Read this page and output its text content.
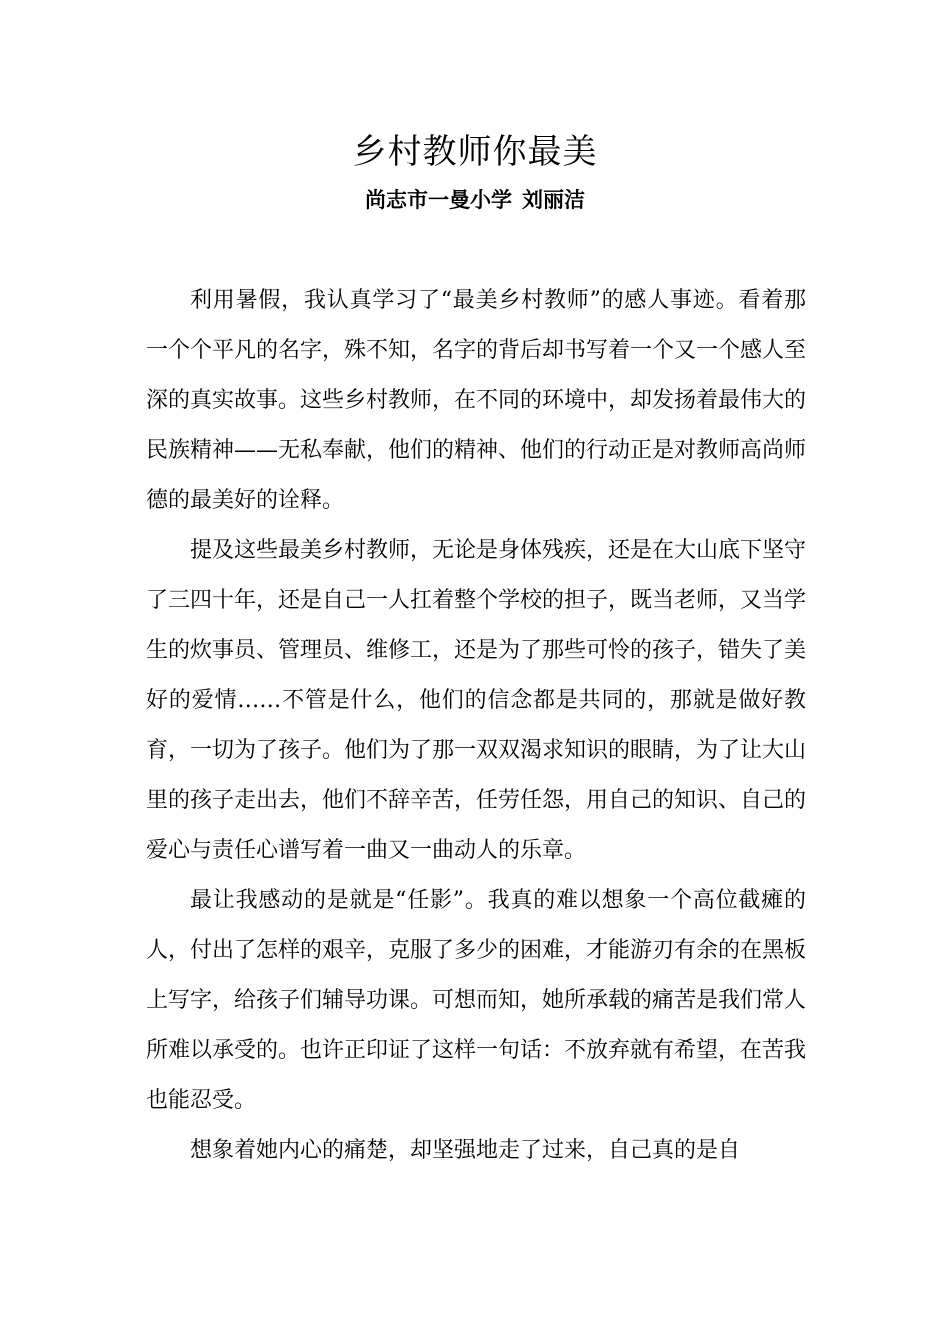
乡村教师你最美
尚志市一曼小学 刘丽洁

利用暑假，我认真学习了“最美乡村教师”的感人事迹。看着那一个个平凡的名字，殊不知，名字的背后却书写着一个又一个感人至深的真实故事。这些乡村教师，在不同的环境中，却发扬着最伟大的民族精神——无私奉献，他们的精神、他们的行动正是对教师高尚师德的最美好的诠释。

提及这些最美乡村教师，无论是身体残疾，还是在大山底下坚守了三四十年，还是自己一人扛着整个学校的担子，既当老师，又当学生的炊事员、管理员、维修工，还是为了那些可怜的孩子，错失了美好的爱情……不管是什么，他们的信念都是共同的，那就是做好教育，一切为了孩子。他们为了那一双双渴求知识的眼睛，为了让大山里的孩子走出去，他们不辞辛苦，任劳任怨，用自己的知识、自己的爱心与责任心谱写着一曲又一曲动人的乐章。

最让我感动的是就是“任影”。我真的难以想象一个高位截瘫的人，付出了怎样的艰辛，克服了多少的困难，才能游刃有余的在黑板上写字，给孩子们辅导功课。可想而知，她所承载的痛苦是我们常人所难以承受的。也许正印证了这样一句话：不放弃就有希望，在苦我也能忍受。

想象着她内心的痛楚，却坚强地走了过来，自己真的是自
